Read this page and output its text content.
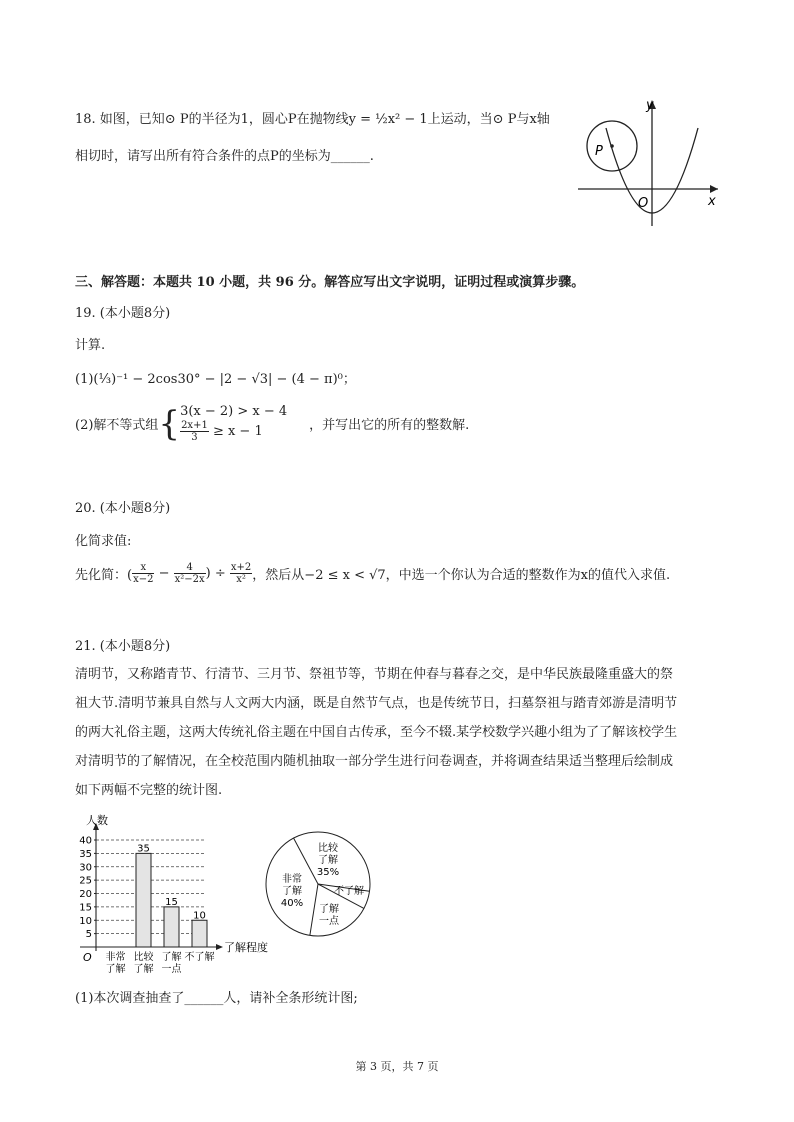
18. 如图，已知⊙ P的半径为1，圆心P在抛物线y = ½x² − 1上运动，当⊙ P与x轴
相切时，请写出所有符合条件的点P的坐标为______.
y
x
O
P
三、解答题：本题共 10 小题，共 96 分。解答应写出文字说明，证明过程或演算步骤。
19. (本小题8分)
计算.
(1)(⅓)⁻¹ − 2cos30° − |2 − √3| − (4 − π)⁰；
(2)解不等式组{ 3(x − 2) > x − 4
$\frac{2x+1}{3} \ge x - 1$	，并写出它的所有的整数解.
20. (本小题8分)
化简求值:
先化简：( $\frac{x}{x-2} - \frac{4}{\text{x²−2x}}$ ) ÷ $\frac{x+2}{\text{x²}}$ ，然后从−2 ≤ x < √7，中选一个你认为合适的整数作为x的值代入求值.
21. (本小题8分)
清明节，又称踏青节、行清节、三月节、祭祖节等，节期在仲春与暮春之交，是中华民族最隆重盛大的祭
祖大节.清明节兼具自然与人文两大内涵，既是自然节气点，也是传统节日，扫墓祭祖与踏青郊游是清明节
的两大礼俗主题，这两大传统礼俗主题在中国自古传承，至今不辍.某学校数学兴趣小组为了了解该校学生
对清明节的了解情况，在全校范围内随机抽取一部分学生进行问卷调查，并将调查结果适当整理后绘制成
如下两幅不完整的统计图.
5
10
15
20
25
30
35
40
人数
了解程度
O 非常
了解
35
比较
了解
15
了解
一点
10
不了解
比较
了解
35%
非常
了解
40%
不了解
了解
一点
(1)本次调查抽查了______人，请补全条形统计图;
第 3 页，共 7 页
